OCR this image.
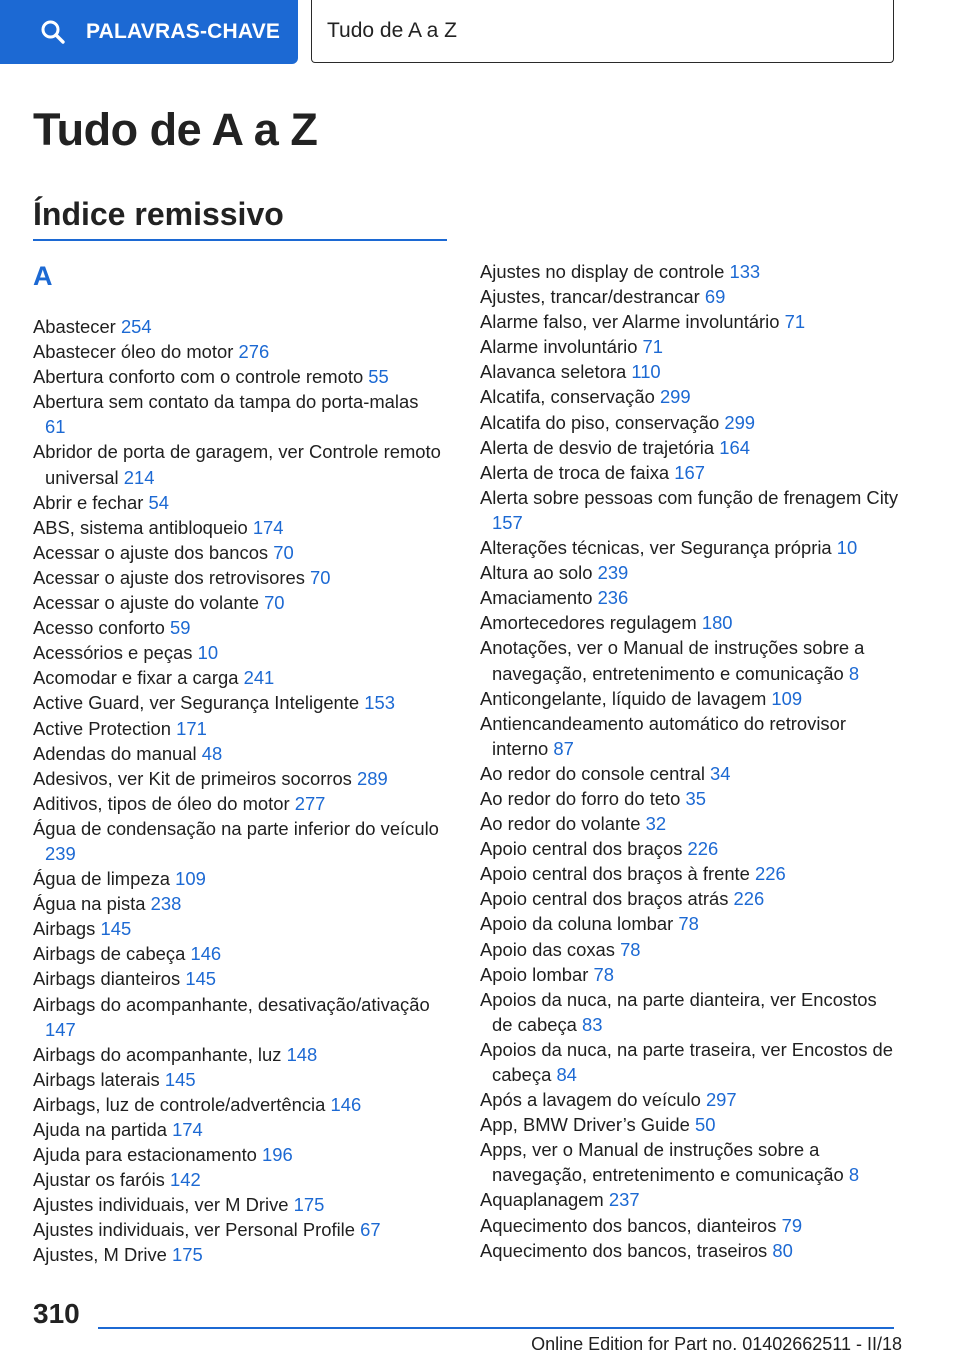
PALAVRAS-CHAVE Tudo de A a Z
Tudo de A a Z
Índice remissivo
A
Abastecer 254
Abastecer óleo do motor 276
Abertura conforto com o controle remoto 55
Abertura sem contato da tampa do porta-malas 61
Abridor de porta de garagem, ver Controle remoto universal 214
Abrir e fechar 54
ABS, sistema antibloqueio 174
Acessar o ajuste dos bancos 70
Acessar o ajuste dos retrovisores 70
Acessar o ajuste do volante 70
Acesso conforto 59
Acessórios e peças 10
Acomodar e fixar a carga 241
Active Guard, ver Segurança Inteligente 153
Active Protection 171
Adendas do manual 48
Adesivos, ver Kit de primeiros socorros 289
Aditivos, tipos de óleo do motor 277
Água de condensação na parte inferior do veículo 239
Água de limpeza 109
Água na pista 238
Airbags 145
Airbags de cabeça 146
Airbags dianteiros 145
Airbags do acompanhante, desativação/ativação 147
Airbags do acompanhante, luz 148
Airbags laterais 145
Airbags, luz de controle/advertência 146
Ajuda na partida 174
Ajuda para estacionamento 196
Ajustar os faróis 142
Ajustes individuais, ver M Drive 175
Ajustes individuais, ver Personal Profile 67
Ajustes, M Drive 175
Ajustes no display de controle 133
Ajustes, trancar/destrancar 69
Alarme falso, ver Alarme involuntário 71
Alarme involuntário 71
Alavanca seletora 110
Alcatifa, conservação 299
Alcatifa do piso, conservação 299
Alerta de desvio de trajetória 164
Alerta de troca de faixa 167
Alerta sobre pessoas com função de frenagem City 157
Alterações técnicas, ver Segurança própria 10
Altura ao solo 239
Amaciamento 236
Amortecedores regulagem 180
Anotações, ver o Manual de instruções sobre a navegação, entretenimento e comunicação 8
Anticongelante, líquido de lavagem 109
Antiencandeamento automático do retrovisor interno 87
Ao redor do console central 34
Ao redor do forro do teto 35
Ao redor do volante 32
Apoio central dos braços 226
Apoio central dos braços à frente 226
Apoio central dos braços atrás 226
Apoio da coluna lombar 78
Apoio das coxas 78
Apoio lombar 78
Apoios da nuca, na parte dianteira, ver Encostos de cabeça 83
Apoios da nuca, na parte traseira, ver Encostos de cabeça 84
Após a lavagem do veículo 297
App, BMW Driver’s Guide 50
Apps, ver o Manual de instruções sobre a navegação, entretenimento e comunicação 8
Aquaplanagem 237
Aquecimento dos bancos, dianteiros 79
Aquecimento dos bancos, traseiros 80
310
Online Edition for Part no. 01402662511 - II/18
